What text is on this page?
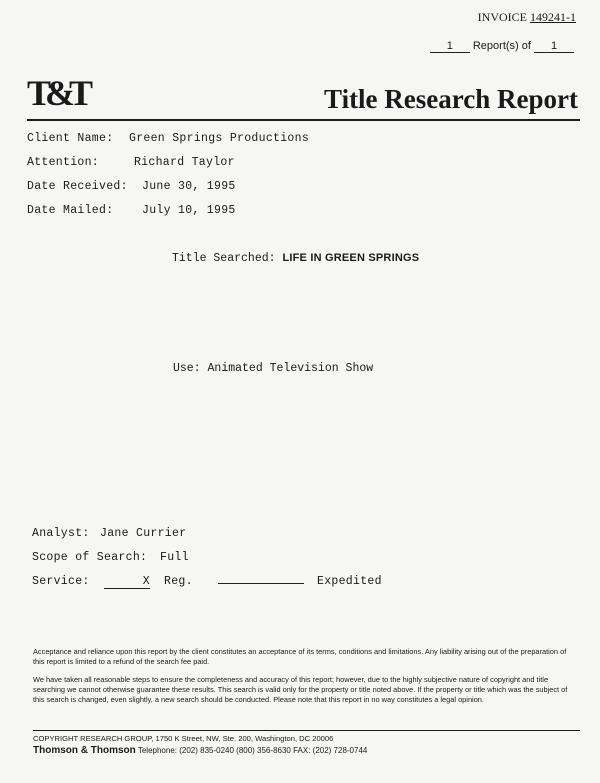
INVOICE 149241-1
1 Report(s) of 1
T&T	Title Research Report
Client Name: Green Springs Productions
Attention:	Richard Taylor
Date Received: June 30, 1995
Date Mailed: July 10, 1995
Title Searched: LIFE IN GREEN SPRINGS
Use: Animated Television Show
Analyst: Jane Currier
Scope of Search: Full
Service:	X Reg.	Expedited
Acceptance and reliance upon this report by the client constitutes an acceptance of its terms, conditions and limitations. Any liability arising out of the preparation of this report is limited to a refund of the search fee paid.
We have taken all reasonable steps to ensure the completeness and accuracy of this report; however, due to the highly subjective nature of copyright and title searching we cannot otherwise guarantee these results. This search is valid only for the property or title noted above. If the property or title which was the subject of this search is changed, even slightly, a new search should be conducted. Please note that this report in no way constitutes a legal opinion.
COPYRIGHT RESEARCH GROUP, 1750 K Street, NW, Ste. 200, Washington, DC 20006
Thomson & Thomson Telephone: (202) 835-0240 (800) 356-8630 FAX: (202) 728-0744
